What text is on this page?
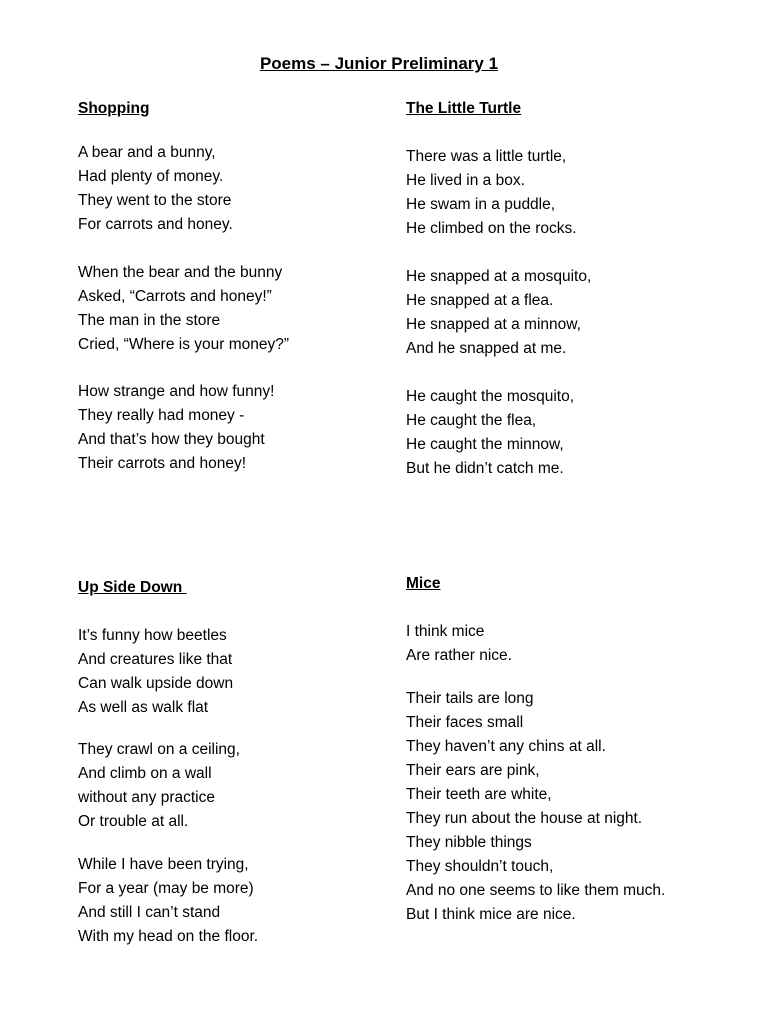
Poems – Junior Preliminary 1
Shopping
A bear and a bunny,
Had plenty of money.
They went to the store
For carrots and honey.
When the bear and the bunny
Asked, “Carrots and honey!”
The man in the store
Cried, “Where is your money?”
How strange and how funny!
They really had money -
And that’s how they bought
Their carrots and honey!
The Little Turtle
There was a little turtle,
He lived in a box.
He swam in a puddle,
He climbed on the rocks.
He snapped at a mosquito,
He snapped at a flea.
He snapped at a minnow,
And he snapped at me.
He caught the mosquito,
He caught the flea,
He caught the minnow,
But he didn’t catch me.
Up Side Down
It’s funny how beetles
And creatures like that
Can walk upside down
As well as walk flat
They crawl on a ceiling,
And climb on a wall
without any practice
Or trouble at all.
While I have been trying,
For a year (may be more)
And still I can’t stand
With my head on the floor.
Mice
I think mice
Are rather nice.
Their tails are long
Their faces small
They haven’t any chins at all.
Their ears are pink,
Their teeth are white,
They run about the house at night.
They nibble things
They shouldn’t touch,
And no one seems to like them much.
But I think mice are nice.
